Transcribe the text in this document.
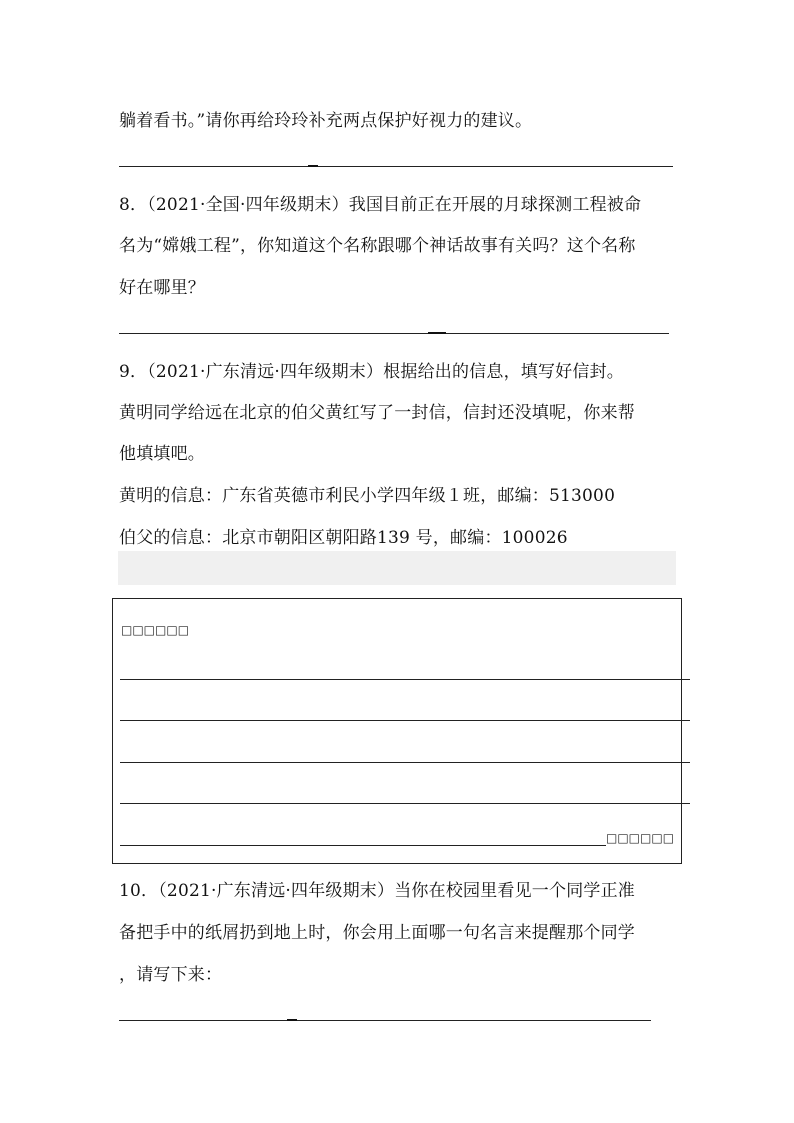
躺着看书。”请你再给玲玲补充两点保护好视力的建议。
8．（2021·全国·四年级期末）我国目前正在开展的月球探测工程被命
名为“嫦娥工程”，你知道这个名称跟哪个神话故事有关吗？这个名称
好在哪里？
9．（2021·广东清远·四年级期末）根据给出的信息，填写好信封。
黄明同学给远在北京的伯父黄红写了一封信，信封还没填呢，你来帮
他填填吧。
黄明的信息：广东省英德市利民小学四年级１班，邮编：513000
伯父的信息：北京市朝阳区朝阳路139 号，邮编：100026
□□□□□□
□□□□□□
10．（2021·广东清远·四年级期末）当你在校园里看见一个同学正准
备把手中的纸屑扔到地上时，你会用上面哪一句名言来提醒那个同学
，请写下来：
